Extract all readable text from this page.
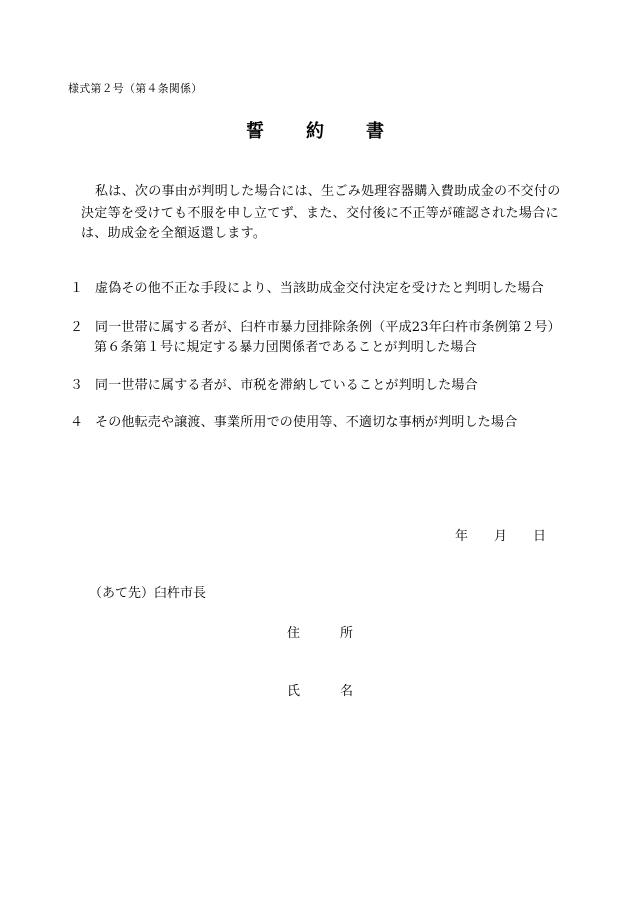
様式第２号（第４条関係）
誓 約 書
私は、次の事由が判明した場合には、生ごみ処理容器購入費助成金の不交付の
決定等を受けても不服を申し立てず、また、交付後に不正等が確認された場合に
は、助成金を全額返還します。
１ 虚偽その他不正な手段により、当該助成金交付決定を受けたと判明した場合
２ 同一世帯に属する者が、臼杵市暴力団排除条例（平成23年臼杵市条例第２号）
第６条第１号に規定する暴力団関係者であることが判明した場合
３ 同一世帯に属する者が、市税を滞納していることが判明した場合
４ その他転売や譲渡、事業所用での使用等、不適切な事柄が判明した場合
年 月 日
（あて先）臼杵市長
住	所
氏	名
